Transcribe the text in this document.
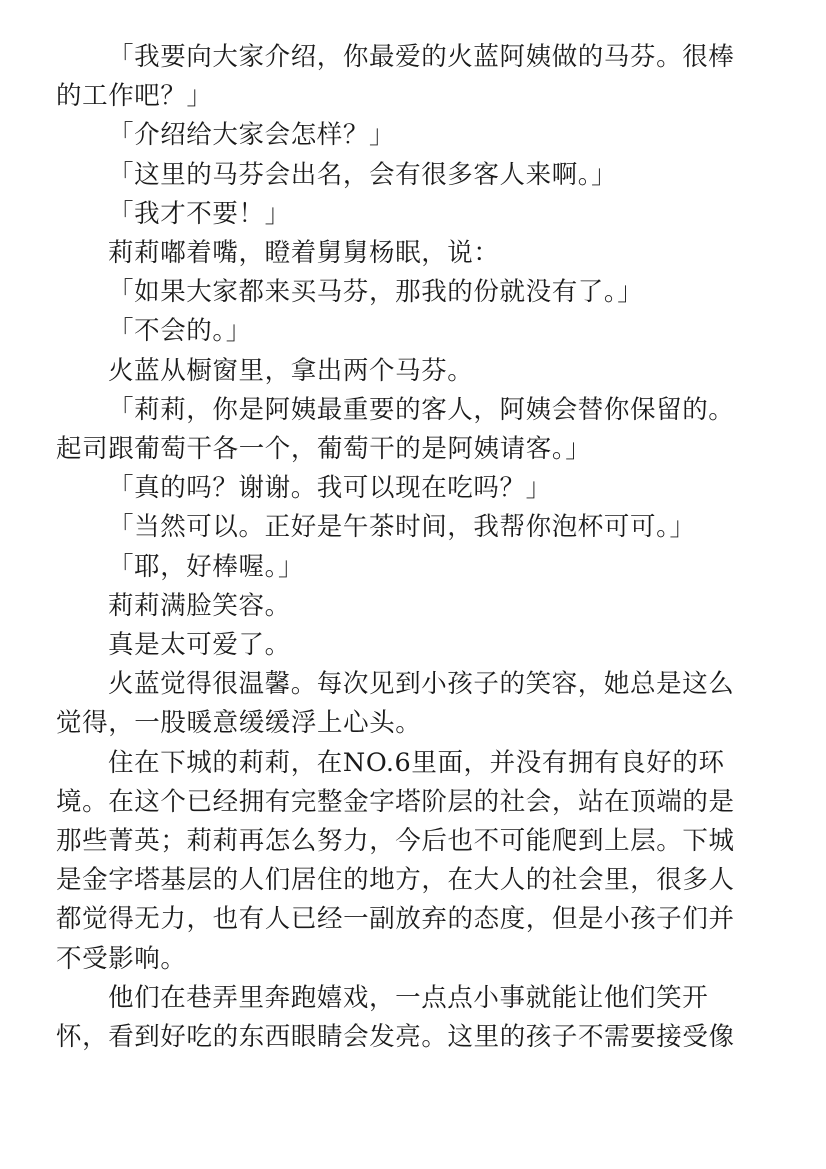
「我要向大家介绍，你最爱的火蓝阿姨做的马芬。很棒的工作吧？」

「介绍给大家会怎样？」

「这里的马芬会出名，会有很多客人来啊。」

「我才不要！」

莉莉嘟着嘴，瞪着舅舅杨眠，说：

「如果大家都来买马芬，那我的份就没有了。」

「不会的。」

火蓝从橱窗里，拿出两个马芬。

「莉莉，你是阿姨最重要的客人，阿姨会替你保留的。起司跟葡萄干各一个，葡萄干的是阿姨请客。」

「真的吗？谢谢。我可以现在吃吗？」

「当然可以。正好是午茶时间，我帮你泡杯可可。」

「耶，好棒喔。」

莉莉满脸笑容。

真是太可爱了。

火蓝觉得很温馨。每次见到小孩子的笑容，她总是这么觉得，一股暖意缓缓浮上心头。

住在下城的莉莉，在NO.6里面，并没有拥有良好的环境。在这个已经拥有完整金字塔阶层的社会，站在顶端的是那些菁英；莉莉再怎么努力，今后也不可能爬到上层。下城是金字塔基层的人们居住的地方，在大人的社会里，很多人都觉得无力，也有人已经一副放弃的态度，但是小孩子们并不受影响。

他们在巷弄里奔跑嬉戏，一点点小事就能让他们笑开怀，看到好吃的东西眼睛会发亮。这里的孩子不需要接受像
